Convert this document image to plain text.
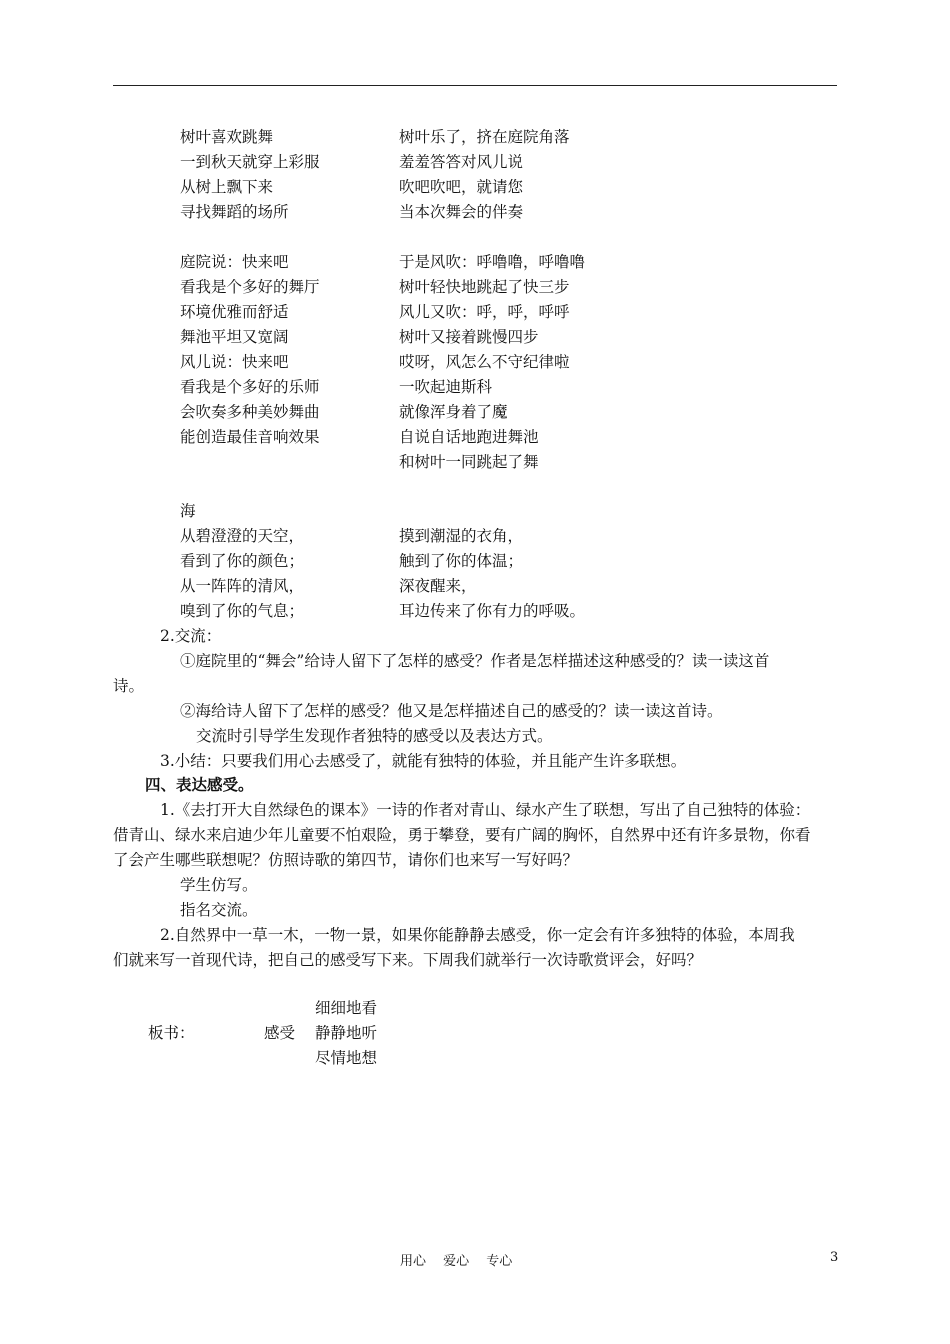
树叶喜欢跳舞
一到秋天就穿上彩服
从树上飘下来
寻找舞蹈的场所
庭院说：快来吧
看我是个多好的舞厅
环境优雅而舒适
舞池平坦又宽阔
风儿说：快来吧
看我是个多好的乐师
会吹奏多种美妙舞曲
能创造最佳音响效果
树叶乐了，挤在庭院角落
羞羞答答对风儿说
吹吧吹吧，就请您
当本次舞会的伴奏
于是风吹：呼噜噜，呼噜噜
树叶轻快地跳起了快三步
风儿又吹：呼，呼，呼呼
树叶又接着跳慢四步
哎呀，风怎么不守纪律啦
一吹起迪斯科
就像浑身着了魔
自说自话地跑进舞池
和树叶一同跳起了舞
海
从碧澄澄的天空，
看到了你的颜色；
从一阵阵的清风，
嗅到了你的气息；
摸到潮湿的衣角，
触到了你的体温；
深夜醒来，
耳边传来了你有力的呼吸。
2.交流：
①庭院里的“舞会”给诗人留下了怎样的感受？作者是怎样描述这种感受的？读一读这首
诗。
②海给诗人留下了怎样的感受？他又是怎样描述自己的感受的？读一读这首诗。
交流时引导学生发现作者独特的感受以及表达方式。
3.小结：只要我们用心去感受了，就能有独特的体验，并且能产生许多联想。
四、表达感受。
1.《去打开大自然绿色的课本》一诗的作者对青山、绿水产生了联想，写出了自己独特的体验：
借青山、绿水来启迪少年儿童要不怕艰险，勇于攀登，要有广阔的胸怀，自然界中还有许多景物，你看
了会产生哪些联想呢？仿照诗歌的第四节，请你们也来写一写好吗？
学生仿写。
指名交流。
2.自然界中一草一木，一物一景，如果你能静静去感受，你一定会有许多独特的体验，本周我
们就来写一首现代诗，把自己的感受写下来。下周我们就举行一次诗歌赏评会，好吗？
板书：	感受
细细地看
静静地听
尽情地想
用心　 爱心　 专心	3
